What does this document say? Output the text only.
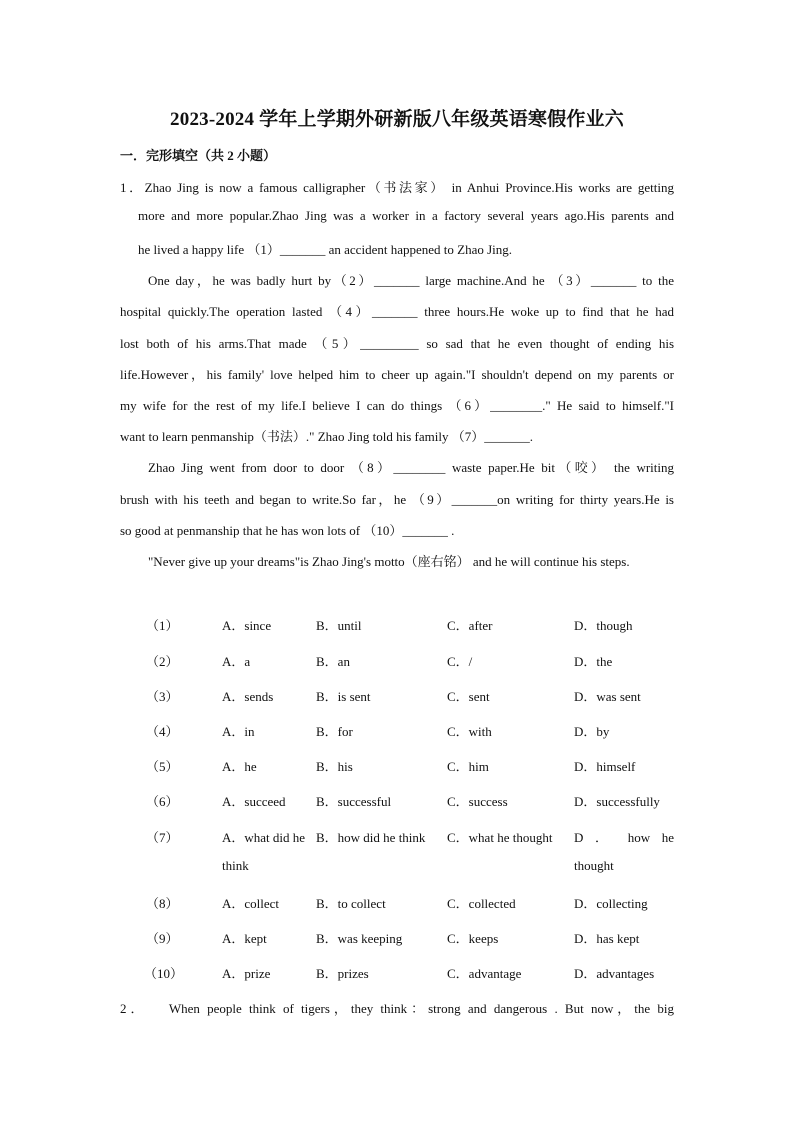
2023-2024 学年上学期外研新版八年级英语寒假作业六
一．完形填空（共 2 小题）
1．Zhao Jing is now a famous calligrapher（书法家） in Anhui Province.His works are getting
more and more popular.Zhao Jing was a worker in a factory several years ago.His parents and
he lived a happy life （1）_______ an accident happened to Zhao Jing.
One day，he was badly hurt by（2）_______ large machine.And he （3）_______ to the
hospital quickly.The operation lasted （4）_______ three hours.He woke up to find that he had
lost both of his arms.That made （5）_________ so sad that he even thought of ending his
life.However，his family' love helped him to cheer up again."I shouldn't depend on my parents or
my wife for the rest of my life.I believe I can do things （6）________." He said to himself."I
want to learn penmanship（书法）." Zhao Jing told his family （7）_______.
Zhao Jing went from door to door （8）________ waste paper.He bit（咬） the writing
brush with his teeth and began to write.So far，he （9）_______on writing for thirty years.He is
so good at penmanship that he has won lots of （10）_______ .
"Never give up your dreams"is Zhao Jing's motto（座右铭） and he will continue his steps.
（1）	A．since	B．until	C．after	D．though
（2）	A．a	B．an	C．/	D．the
（3）	A．sends	B．is sent	C．sent	D．was sent
（4）	A．in	B．for	C．with	D．by
（5）	A．he	B．his	C．him	D．himself
（6）	A．succeed B．successful	C．success	D．successfully
（7）	A．what did he
think
B．how did he think C．what he thought D ． how he
thought
（8）	A．collect	B．to collect	C．collected	D．collecting
（9）	A．kept	B．was keeping	C．keeps	D．has kept
（10）	A．prize	B．prizes	C．advantage	D．advantages
2．   When people think of tigers，they think：strong and dangerous . But now，the big
